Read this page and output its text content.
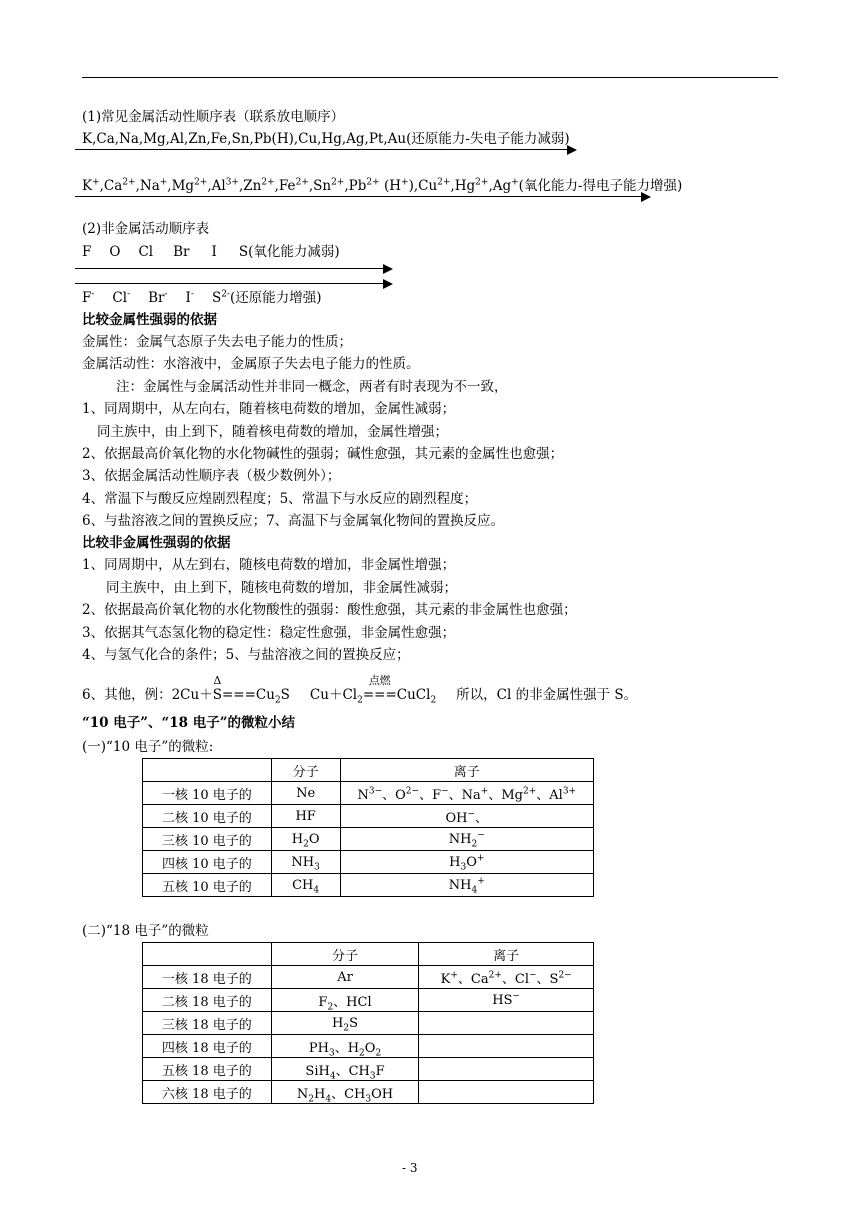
(1)常见金属活动性顺序表（联系放电顺序）
K,Ca,Na,Mg,Al,Zn,Fe,Sn,Pb(H),Cu,Hg,Ag,Pt,Au(还原能力-失电子能力减弱)
$K^+,Ca^{2+},Na^+,Mg^{2+},Al^{3+},Zn^{2+},Fe^{2+},Sn^{2+},Pb^{2+}$ $(H^+),Cu^{2+},Hg^{2+},Ag^+$(氧化能力-得电子能力增强)
(2)非金属活动顺序表
F O Cl Br I S(氧化能力减弱)
F- Cl- Br- I- $S^{2-}$(还原能力增强)
比较金属性强弱的依据
金属性：金属气态原子失去电子能力的性质；
金属活动性：水溶液中，金属原子失去电子能力的性质。
注：金属性与金属活动性并非同一概念，两者有时表现为不一致，
1、同周期中，从左向右，随着核电荷数的增加，金属性减弱；
同主族中，由上到下，随着核电荷数的增加，金属性增强；
2、依据最高价氧化物的水化物碱性的强弱；碱性愈强，其元素的金属性也愈强；
3、依据金属活动性顺序表（极少数例外）；
4、常温下与酸反应煌剧烈程度；5、常温下与水反应的剧烈程度；
6、与盐溶液之间的置换反应；7、高温下与金属氧化物间的置换反应。
比较非金属性强弱的依据
1、同周期中，从左到右，随核电荷数的增加，非金属性增强；
同主族中，由上到下，随核电荷数的增加，非金属性减弱；
2、依据最高价氧化物的水化物酸性的强弱：酸性愈强，其元素的非金属性也愈强；
3、依据其气态氢化物的稳定性：稳定性愈强，非金属性愈强；
4、与氢气化合的条件；5、与盐溶液之间的置换反应；
6、其他，例：2Cu＋
Δ
$S===Cu_2S$ $Cu+Cl_2$
点燃
===CuCl$_2$ 所以，Cl 的非金属性强于 S。
“10 电子”、“18 电子”的微粒小结
(一)“10 电子”的微粒:
	分子	离子
一核 10 电子的	Ne	$N^{3-}$、$O^{2-}$、F−、Na+、$Mg^{2+}$、$Al^{3+}$
二核 10 电子的	HF	OH−、
三核 10 电子的	$H_2O$	$NH_2^-$
四核 10 电子的	$NH_3$	$H_3O^+$
五核 10 电子的	$CH_4$	$NH_4^+$
(二)“18 电子”的微粒
	分子	离子
一核 18 电子的	Ar	K+、$Ca^{2+}$、Cl−、$S^{2-}$
二核 18 电子的	$F_2$、HCl	HS−
三核 18 电子的	$H_2S$	
四核 18 电子的	$PH_3$、$H_2O_2$	
五核 18 电子的	SiH$_4$、$CH_3F$	
六核 18 电子的	$N_2H_4$、$CH_3OH$	
- 3
